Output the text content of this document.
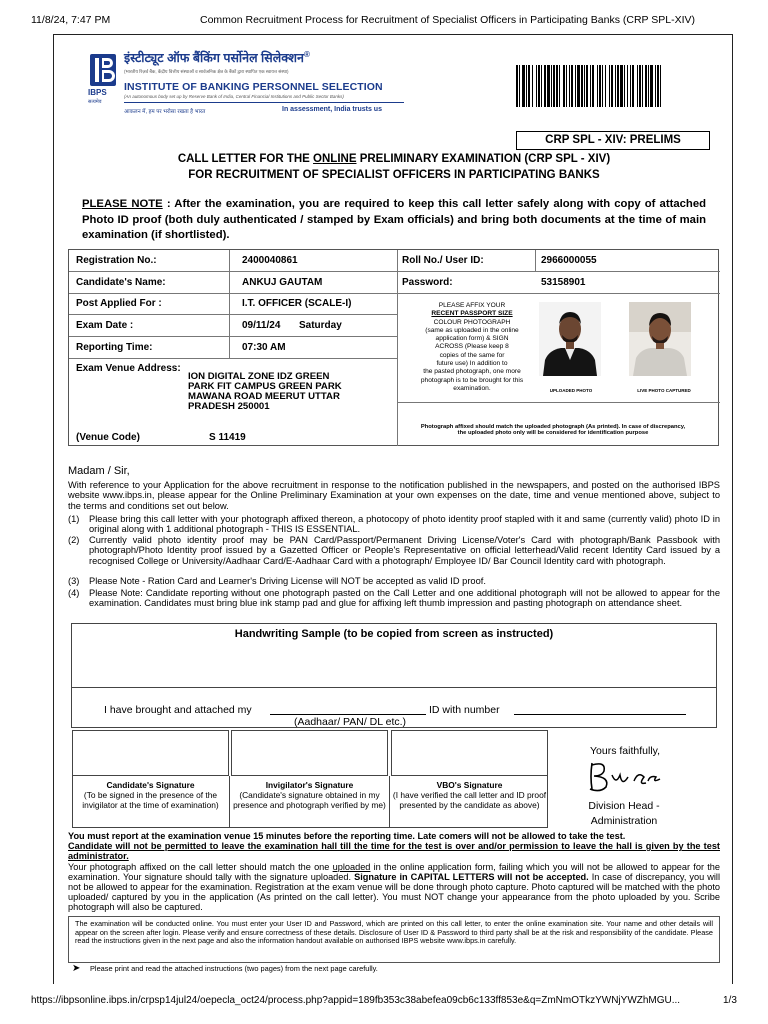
11/8/24, 7:47 PM	Common Recruitment Process for Recruitment of Specialist Officers in Participating Banks (CRP SPL-XIV)
IBPS
सत्यमेव
इंस्टीट्यूट ऑफ बैंकिंग पर्सोनेल सिलेक्शन®
(भारतीय रिज़र्व बैंक, केंद्रीय वित्तीय संस्थाओं व सार्वजनिक क्षेत्र के बैंकों द्वारा स्थापित एक स्वायत्त संस्था)
INSTITUTE OF BANKING PERSONNEL SELECTION
(An autonomous body set up by Reserve Bank of India, Central Financial Institutions and Public Sector Banks)
आकलन में, हम पर भरोसा रखता है भारत	In assessment, India trusts us
CRP SPL - XIV: PRELIMS
CALL LETTER FOR THE ONLINE PRELIMINARY EXAMINATION (CRP SPL - XIV)
FOR RECRUITMENT OF SPECIALIST OFFICERS IN PARTICIPATING BANKS
PLEASE NOTE : After the examination, you are required to keep this call letter safely along with copy of attached Photo ID proof (both duly authenticated / stamped by Exam officials) and bring both documents at the time of main examination (if shortlisted).
Registration No.:	2400040861	Roll No./ User ID:	2966000055
Candidate's Name:	ANKUJ GAUTAM	Password:	53158901
Post Applied For :	I.T. OFFICER (SCALE-I)
Exam Date :	09/11/24 Saturday
Reporting Time:	07:30 AM
Exam Venue Address:
ION DIGITAL ZONE IDZ GREEN
PARK FIT CAMPUS GREEN PARK
MAWANA ROAD MEERUT UTTAR
PRADESH 250001
(Venue Code)	S 11419
PLEASE AFFIX YOUR
RECENT PASSPORT SIZE
COLOUR PHOTOGRAPH
(same as uploaded in the online
application form) & SIGN
ACROSS (Please keep 8
copies of the same for
future use) In addition to
the pasted photograph, one more
photograph is to be brought for this
examination.	UPLOADED PHOTO	LIVE PHOTO CAPTURED
Photograph affixed should match the uploaded photograph (As printed). In case of discrepancy, the uploaded photo only will be considered for identification purpose
Madam / Sir,
With reference to your Application for the above recruitment in response to the notification published in the newspapers, and posted on the authorised IBPS website www.ibps.in, please appear for the Online Preliminary Examination at your own expenses on the date, time and venue mentioned above, subject to the terms and conditions set out below.
(1) Please bring this call letter with your photograph affixed thereon, a photocopy of photo identity proof stapled with it and same (currently valid) photo ID in original along with 1 additional photograph - THIS IS ESSENTIAL.
(2) Currently valid photo identity proof may be PAN Card/Passport/Permanent Driving License/Voter's Card with photograph/Bank Passbook with photograph/Photo Identity proof issued by a Gazetted Officer or People's Representative on official letterhead/Valid recent Identity Card issued by a recognised College or University/Aadhaar Card/E-Aadhaar Card with a photograph/ Employee ID/ Bar Council Identity card with photograph.
(3) Please Note - Ration Card and Learner's Driving License will NOT be accepted as valid ID proof.
(4) Please Note: Candidate reporting without one photograph pasted on the Call Letter and one additional photograph will not be allowed to appear for the examination. Candidates must bring blue ink stamp pad and glue for affixing left thumb impression and pasting photograph on attendance sheet.
Handwriting Sample (to be copied from screen as instructed)
I have brought and attached my	ID with number
(Aadhaar/ PAN/ DL etc.)
Candidate's Signature
(To be signed in the presence of the invigilator at the time of examination)
Invigilator's Signature
(Candidate's signature obtained in my presence and photograph verified by me)
VBO's Signature
(I have verified the call letter and ID proof presented by the candidate as above)
Yours faithfully,
Division Head -
Administration
You must report at the examination venue 15 minutes before the reporting time. Late comers will not be allowed to take the test.
Candidate will not be permitted to leave the examination hall till the time for the test is over and/or permission to leave the hall is given by the test administrator.
Your photograph affixed on the call letter should match the one uploaded in the online application form, failing which you will not be allowed to appear for the examination. Your signature should tally with the signature uploaded. Signature in CAPITAL LETTERS will not be accepted. In case of discrepancy, you will not be allowed to appear for the examination. Registration at the exam venue will be done through photo capture. Photo captured will be matched with the photo uploaded/ captured by you in the application (As printed on the call letter). You must NOT change your appearance from the photo uploaded by you. Scribe photograph will also be captured.
The examination will be conducted online. You must enter your User ID and Password, which are printed on this call letter, to enter the online examination site. Your name and other details will appear on the screen after login. Please verify and ensure correctness of these details. Disclosure of User ID & Password to third party shall be at the risk and responsibility of the candidate. Please read the instructions given in the next page and also the information handout available on authorised IBPS website www.ibps.in carefully.
➤ Please print and read the attached instructions (two pages) from the next page carefully.
https://ibpsonline.ibps.in/crpsp14jul24/oepecla_oct24/process.php?appid=189fb353c38abefea09cb6c133ff853e&q=ZmNmOTkzYWNjYWZhMGU...	1/3
